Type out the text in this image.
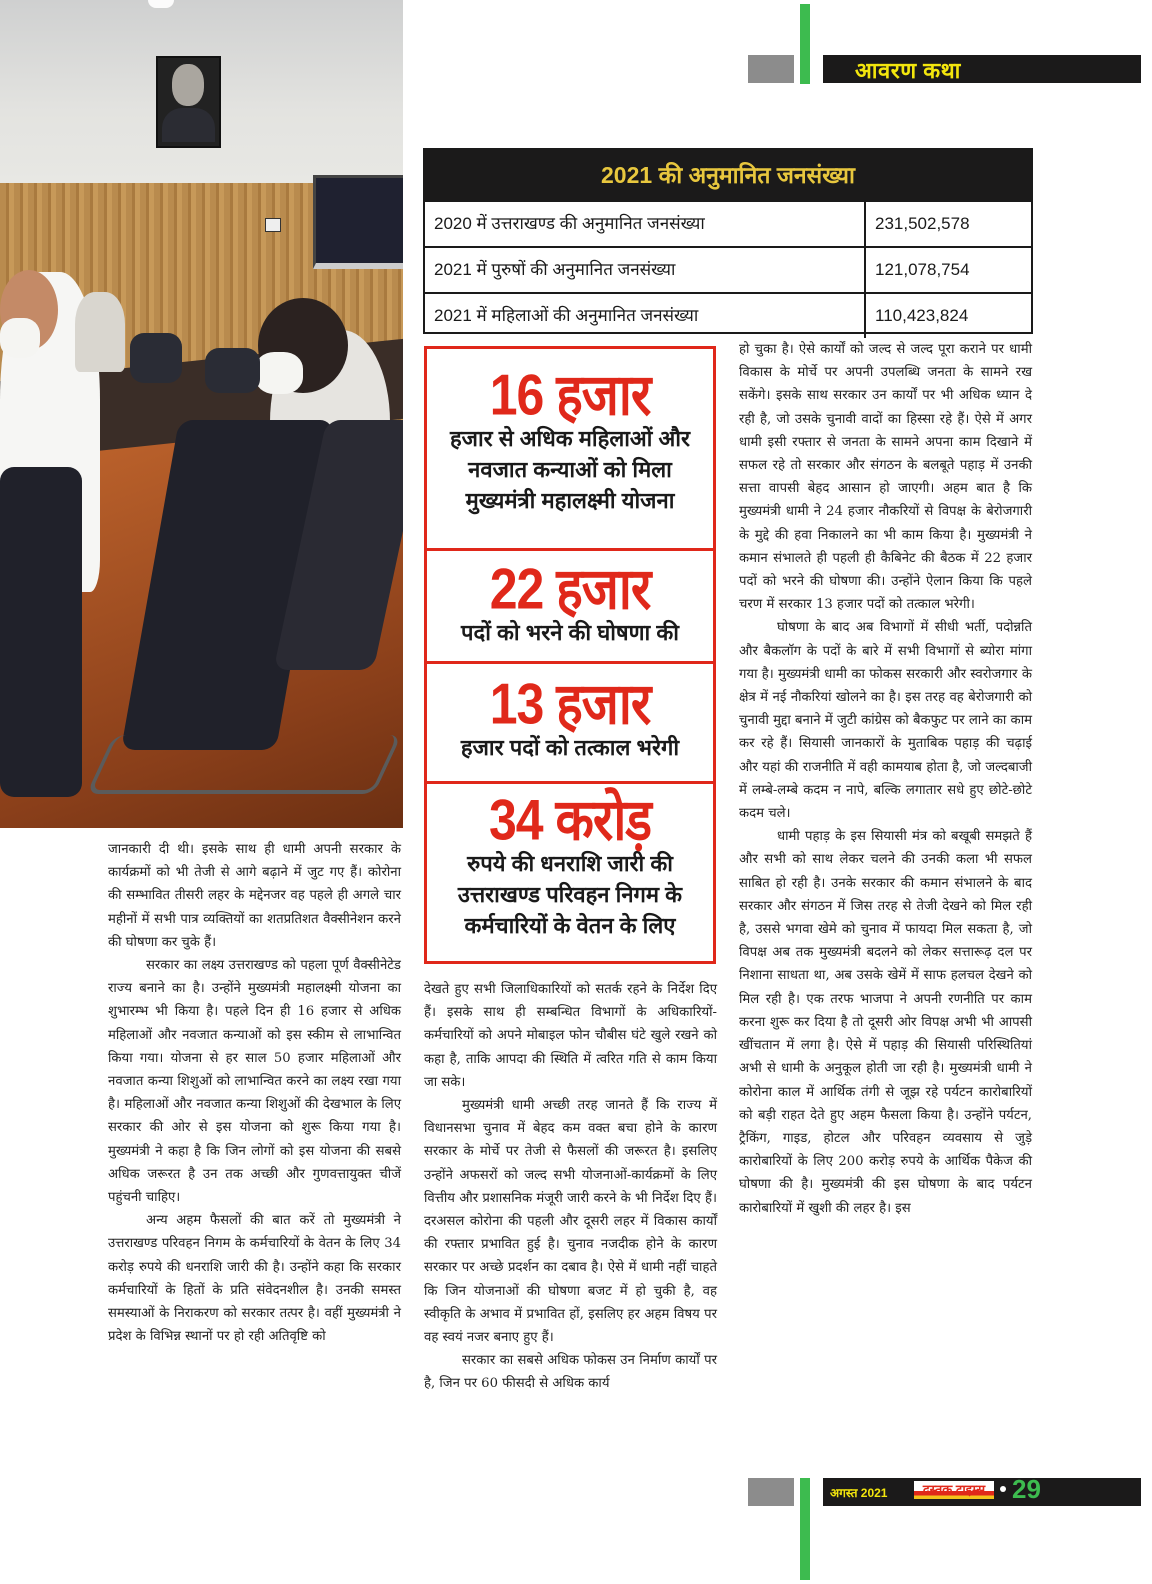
आवरण कथा
2021 की अनुमानित जनसंख्या
2020 में उत्तराखण्ड की अनुमानित जनसंख्या	231,502,578
2021 में पुरुषों की अनुमानित जनसंख्या	121,078,754
2021 में महिलाओं की अनुमानित जनसंख्या	110,423,824
16 हजार
हजार से अधिक महिलाओं और नवजात कन्याओं को मिला मुख्यमंत्री महालक्ष्मी योजना
22 हजार
पदों को भरने की घोषणा की
13 हजार
हजार पदों को तत्काल भरेगी
34 करोड़
रुपये की धनराशि जारी की उत्तराखण्ड परिवहन निगम के कर्मचारियों के वेतन के लिए

जानकारी दी थी। इसके साथ ही धामी अपनी सरकार के कार्यक्रमों को भी तेजी से आगे बढ़ाने में जुट गए हैं। कोरोना की सम्भावित तीसरी लहर के मद्देनजर वह पहले ही अगले चार महीनों में सभी पात्र व्यक्तियों का शतप्रतिशत वैक्सीनेशन करने की घोषणा कर चुके हैं।

सरकार का लक्ष्य उत्तराखण्ड को पहला पूर्ण वैक्सीनेटेड राज्य बनाने का है। उन्होंने मुख्यमंत्री महालक्ष्मी योजना का शुभारम्भ भी किया है। पहले दिन ही 16 हजार से अधिक महिलाओं और नवजात कन्याओं को इस स्कीम से लाभान्वित किया गया। योजना से हर साल 50 हजार महिलाओं और नवजात कन्या शिशुओं को लाभान्वित करने का लक्ष्य रखा गया है। महिलाओं और नवजात कन्या शिशुओं की देखभाल के लिए सरकार की ओर से इस योजना को शुरू किया गया है। मुख्यमंत्री ने कहा है कि जिन लोगों को इस योजना की सबसे अधिक जरूरत है उन तक अच्छी और गुणवत्तायुक्त चीजें पहुंचनी चाहिए।

अन्य अहम फैसलों की बात करें तो मुख्यमंत्री ने उत्तराखण्ड परिवहन निगम के कर्मचारियों के वेतन के लिए 34 करोड़ रुपये की धनराशि जारी की है। उन्होंने कहा कि सरकार कर्मचारियों के हितों के प्रति संवेदनशील है। उनकी समस्त समस्याओं के निराकरण को सरकार तत्पर है। वहीं मुख्यमंत्री ने प्रदेश के विभिन्न स्थानों पर हो रही अतिवृष्टि को

देखते हुए सभी जिलाधिकारियों को सतर्क रहने के निर्देश दिए हैं। इसके साथ ही सम्बन्धित विभागों के अधिकारियों-कर्मचारियों को अपने मोबाइल फोन चौबीस घंटे खुले रखने को कहा है, ताकि आपदा की स्थिति में त्वरित गति से काम किया जा सके।

मुख्यमंत्री धामी अच्छी तरह जानते हैं कि राज्य में विधानसभा चुनाव में बेहद कम वक्त बचा होने के कारण सरकार के मोर्चे पर तेजी से फैसलों की जरूरत है। इसलिए उन्होंने अफसरों को जल्द सभी योजनाओं-कार्यक्रमों के लिए वित्तीय और प्रशासनिक मंजूरी जारी करने के भी निर्देश दिए हैं। दरअसल कोरोना की पहली और दूसरी लहर में विकास कार्यों की रफ्तार प्रभावित हुई है। चुनाव नजदीक होने के कारण सरकार पर अच्छे प्रदर्शन का दबाव है। ऐसे में धामी नहीं चाहते कि जिन योजनाओं की घोषणा बजट में हो चुकी है, वह स्वीकृति के अभाव में प्रभावित हों, इसलिए हर अहम विषय पर वह स्वयं नजर बनाए हुए हैं।

सरकार का सबसे अधिक फोकस उन निर्माण कार्यों पर है, जिन पर 60 फीसदी से अधिक कार्य

हो चुका है। ऐसे कार्यों को जल्द से जल्द पूरा कराने पर धामी विकास के मोर्चे पर अपनी उपलब्धि जनता के सामने रख सकेंगे। इसके साथ सरकार उन कार्यों पर भी अधिक ध्यान दे रही है, जो उसके चुनावी वादों का हिस्सा रहे हैं। ऐसे में अगर धामी इसी रफ्तार से जनता के सामने अपना काम दिखाने में सफल रहे तो सरकार और संगठन के बलबूते पहाड़ में उनकी सत्ता वापसी बेहद आसान हो जाएगी। अहम बात है कि मुख्यमंत्री धामी ने 24 हजार नौकरियों से विपक्ष के बेरोजगारी के मुद्दे की हवा निकालने का भी काम किया है। मुख्यमंत्री ने कमान संभालते ही पहली ही कैबिनेट की बैठक में 22 हजार पदों को भरने की घोषणा की। उन्होंने ऐलान किया कि पहले चरण में सरकार 13 हजार पदों को तत्काल भरेगी।

घोषणा के बाद अब विभागों में सीधी भर्ती, पदोन्नति और बैकलॉग के पदों के बारे में सभी विभागों से ब्योरा मांगा गया है। मुख्यमंत्री धामी का फोकस सरकारी और स्वरोजगार के क्षेत्र में नई नौकरियां खोलने का है। इस तरह वह बेरोजगारी को चुनावी मुद्दा बनाने में जुटी कांग्रेस को बैकफुट पर लाने का काम कर रहे हैं। सियासी जानकारों के मुताबिक पहाड़ की चढ़ाई और यहां की राजनीति में वही कामयाब होता है, जो जल्दबाजी में लम्बे-लम्बे कदम न नापे, बल्कि लगातार सधे हुए छोटे-छोटे कदम चले।

धामी पहाड़ के इस सियासी मंत्र को बखूबी समझते हैं और सभी को साथ लेकर चलने की उनकी कला भी सफल साबित हो रही है। उनके सरकार की कमान संभालने के बाद सरकार और संगठन में जिस तरह से तेजी देखने को मिल रही है, उससे भगवा खेमे को चुनाव में फायदा मिल सकता है, जो विपक्ष अब तक मुख्यमंत्री बदलने को लेकर सत्तारूढ़ दल पर निशाना साधता था, अब उसके खेमें में साफ हलचल देखने को मिल रही है। एक तरफ भाजपा ने अपनी रणनीति पर काम करना शुरू कर दिया है तो दूसरी ओर विपक्ष अभी भी आपसी खींचतान में लगा है। ऐसे में पहाड़ की सियासी परिस्थितियां अभी से धामी के अनुकूल होती जा रही है। मुख्यमंत्री धामी ने कोरोना काल में आर्थिक तंगी से जूझ रहे पर्यटन कारोबारियों को बड़ी राहत देते हुए अहम फैसला किया है। उन्होंने पर्यटन, ट्रैकिंग, गाइड, होटल और परिवहन व्यवसाय से जुड़े कारोबारियों के लिए 200 करोड़ रुपये के आर्थिक पैकेज की घोषणा की है। मुख्यमंत्री की इस घोषणा के बाद पर्यटन कारोबारियों में खुशी की लहर है। इस

अगस्त 2021	दस्तक टाइम्स	29
